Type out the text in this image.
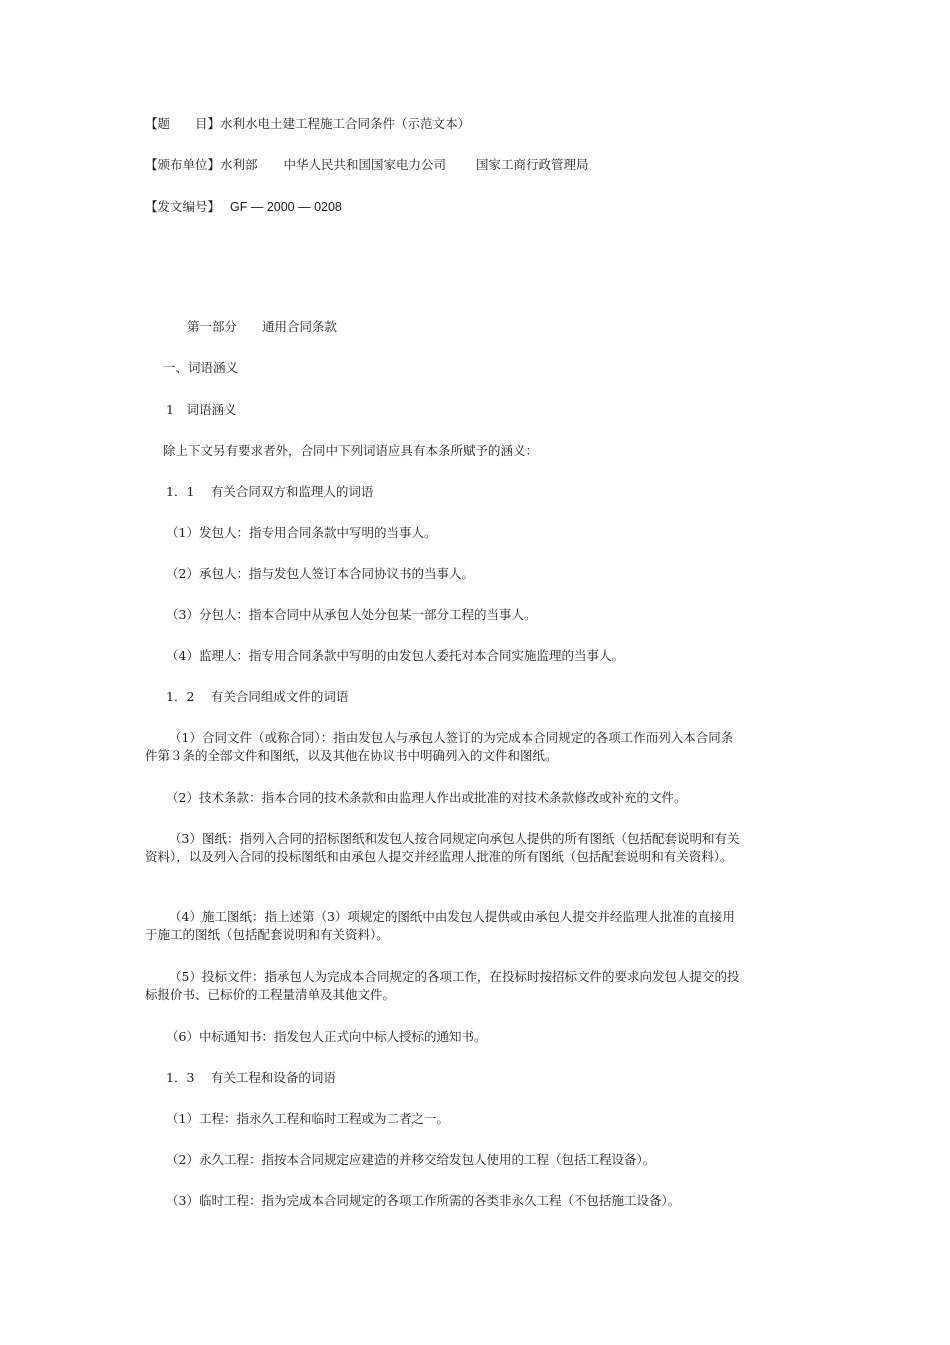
【题　　目】水利水电土建工程施工合同条件（示范文本）
【颁布单位】水利部 中华人民共和国国家电力公司 国家工商行政管理局
【发文编号】 GF — 2000 — 0208
第一部分　　通用合同条款
一、词语涵义
1　词语涵义
除上下文另有要求者外，合同中下列词语应具有本条所赋予的涵义：
1．1　 有关合同双方和监理人的词语
（1）发包人：指专用合同条款中写明的当事人。
（2）承包人：指与发包人签订本合同协议书的当事人。
（3）分包人：指本合同中从承包人处分包某一部分工程的当事人。
（4）监理人：指专用合同条款中写明的由发包人委托对本合同实施监理的当事人。
1．2　 有关合同组成文件的词语
（1）合同文件（或称合同）：指由发包人与承包人签订的为完成本合同规定的各项工作而列入本合同条件第３条的全部文件和图纸，以及其他在协议书中明确列入的文件和图纸。
（2）技术条款：指本合同的技术条款和由监理人作出或批准的对技术条款修改或补充的文件。
（3）图纸：指列入合同的招标图纸和发包人按合同规定向承包人提供的所有图纸（包括配套说明和有关资料），以及列入合同的投标图纸和由承包人提交并经监理人批准的所有图纸（包括配套说明和有关资料）。
（4）施工图纸：指上述第（3）项规定的图纸中由发包人提供或由承包人提交并经监理人批准的直接用于施工的图纸（包括配套说明和有关资料）。
（5）投标文件：指承包人为完成本合同规定的各项工作，在投标时按招标文件的要求向发包人提交的投标报价书、已标价的工程量清单及其他文件。
（6）中标通知书：指发包人正式向中标人授标的通知书。
1．3　 有关工程和设备的词语
（1）工程：指永久工程和临时工程或为二者之一。
（2）永久工程：指按本合同规定应建造的并移交给发包人使用的工程（包括工程设备）。
（3）临时工程：指为完成本合同规定的各项工作所需的各类非永久工程（不包括施工设备）。
